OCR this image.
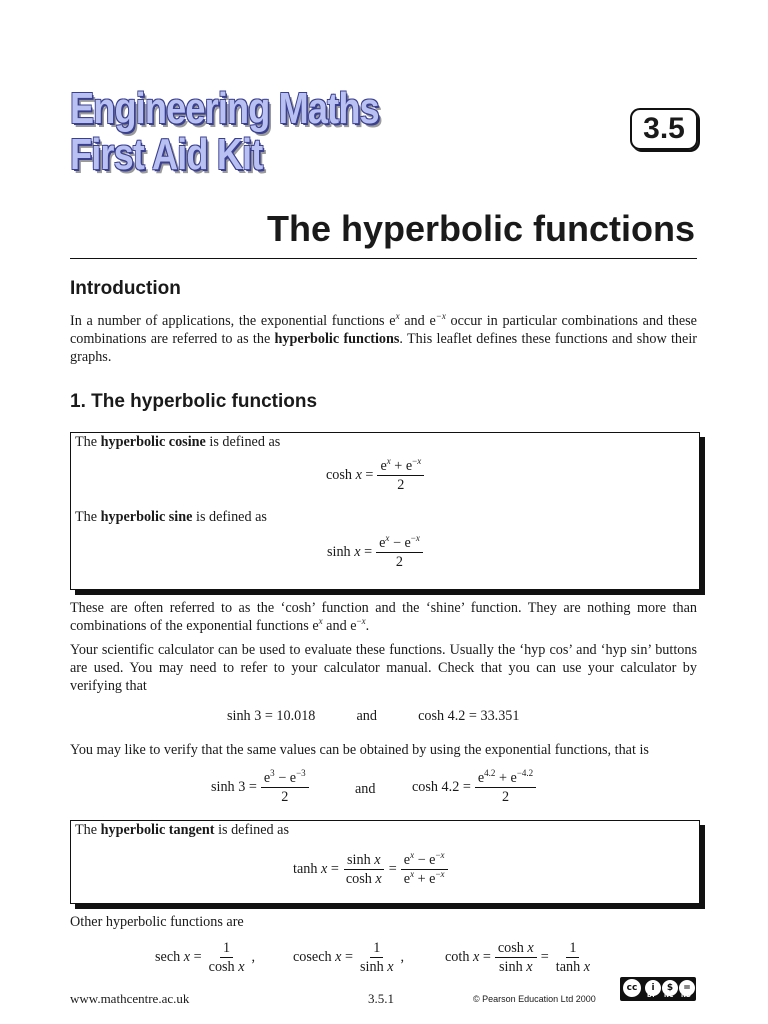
Engineering Maths
First Aid Kit
3.5
The hyperbolic functions
Introduction
In a number of applications, the exponential functions $e^x$ and $e^{-x}$ occur in particular combinations and these combinations are referred to as the hyperbolic functions. This leaflet defines these functions and show their graphs.
1. The hyperbolic functions
The hyperbolic cosine is defined as
$\cosh x = \frac{e^x + e^{-x}}{2}$
The hyperbolic sine is defined as
$\sinh x = \frac{e^x - e^{-x}}{2}$
These are often referred to as the ‘cosh’ function and the ‘shine’ function. They are nothing more than combinations of the exponential functions $e^x$ and $e^{-x}$.
Your scientific calculator can be used to evaluate these functions. Usually the ‘hyp cos’ and ‘hyp sin’ buttons are used. You may need to refer to your calculator manual. Check that you can use your calculator by verifying that
sinh 3 = 10.018	and	cosh 4.2 = 33.351
You may like to verify that the same values can be obtained by using the exponential functions, that is
$\sinh 3 = \frac{e^3 - e^{-3}}{2}$	and	$\cosh 4.2 = \frac{e^{4.2} + e^{-4.2}}{2}$
The hyperbolic tangent is defined as
$\tanh x = \frac{\text{sinh x}}{\text{cosh x}} = \frac{e^x - e^{-x}}{e^x + e^{-x}}$
Other hyperbolic functions are
sech $x = \frac{1}{\text{cosh x}}$ ,	cosech $x = \frac{1}{\text{sinh x}}$ ,	coth $x = \frac{\text{cosh x}}{\text{sinh x}} = \frac{1}{\text{tanh x}}$
www.mathcentre.ac.uk	3.5.1	© Pearson Education Ltd 2000
cc	i	$	=
BY NC ND
